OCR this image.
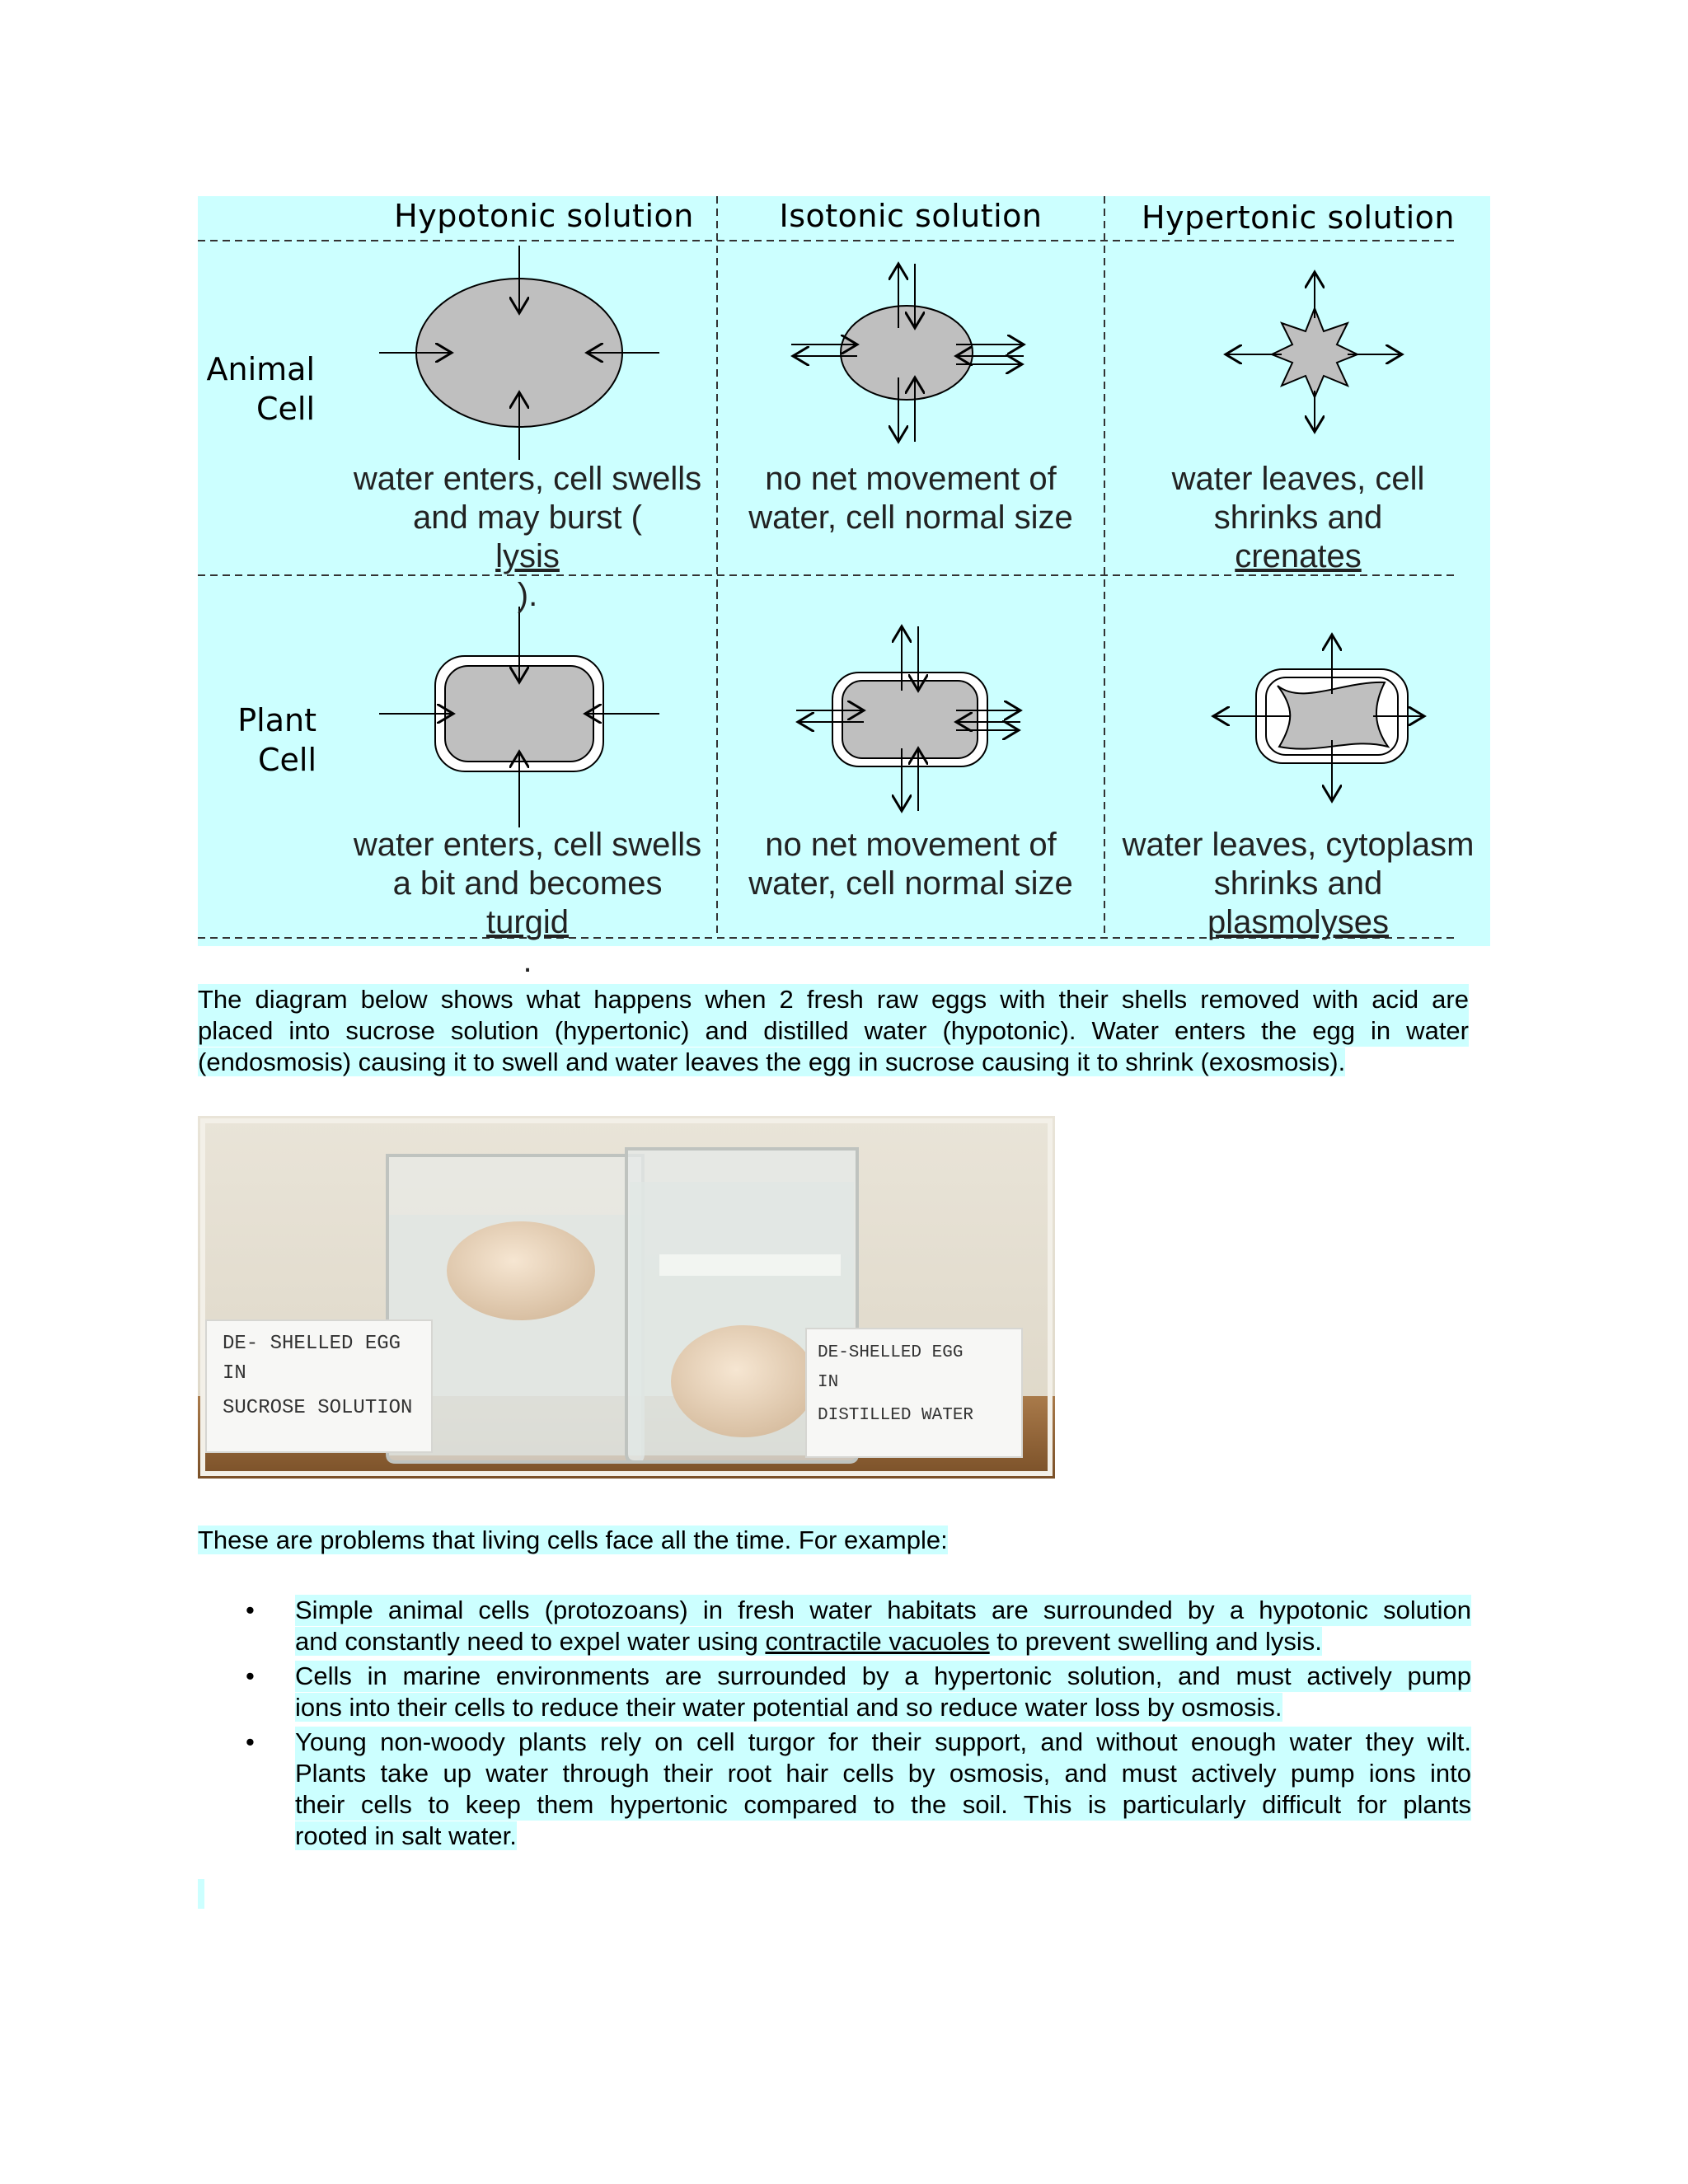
Hypotonic solution	Isotonic solution	Hypertonic solution
Animal
Cell
Plant
Cell
water enters, cell swells
and may burst (
lysis
).
no net movement of
water, cell normal size
water leaves, cell
shrinks and
crenates
water enters, cell swells
a bit and becomes
turgid
.
no net movement of
water, cell normal size
water leaves, cytoplasm
shrinks and
plasmolyses
The diagram below shows what happens when 2 fresh raw eggs with their shells removed with acid are
placed into sucrose solution (hypertonic) and distilled water (hypotonic). Water enters the egg in water
(endosmosis) causing it to swell and water leaves the egg in sucrose causing it to shrink (exosmosis).
DE- SHELLED EGG
IN
SUCROSE SOLUTION
DE-SHELLED EGG
IN
DISTILLED WATER
These are problems that living cells face all the time. For example:
• Simple animal cells (protozoans) in fresh water habitats are surrounded by a hypotonic solution
and constantly need to expel water using contractile vacuoles to prevent swelling and lysis.
• Cells in marine environments are surrounded by a hypertonic solution, and must actively pump
ions into their cells to reduce their water potential and so reduce water loss by osmosis.
• Young non-woody plants rely on cell turgor for their support, and without enough water they wilt.
Plants take up water through their root hair cells by osmosis, and must actively pump ions into
their cells to keep them hypertonic compared to the soil. This is particularly difficult for plants
rooted in salt water.
